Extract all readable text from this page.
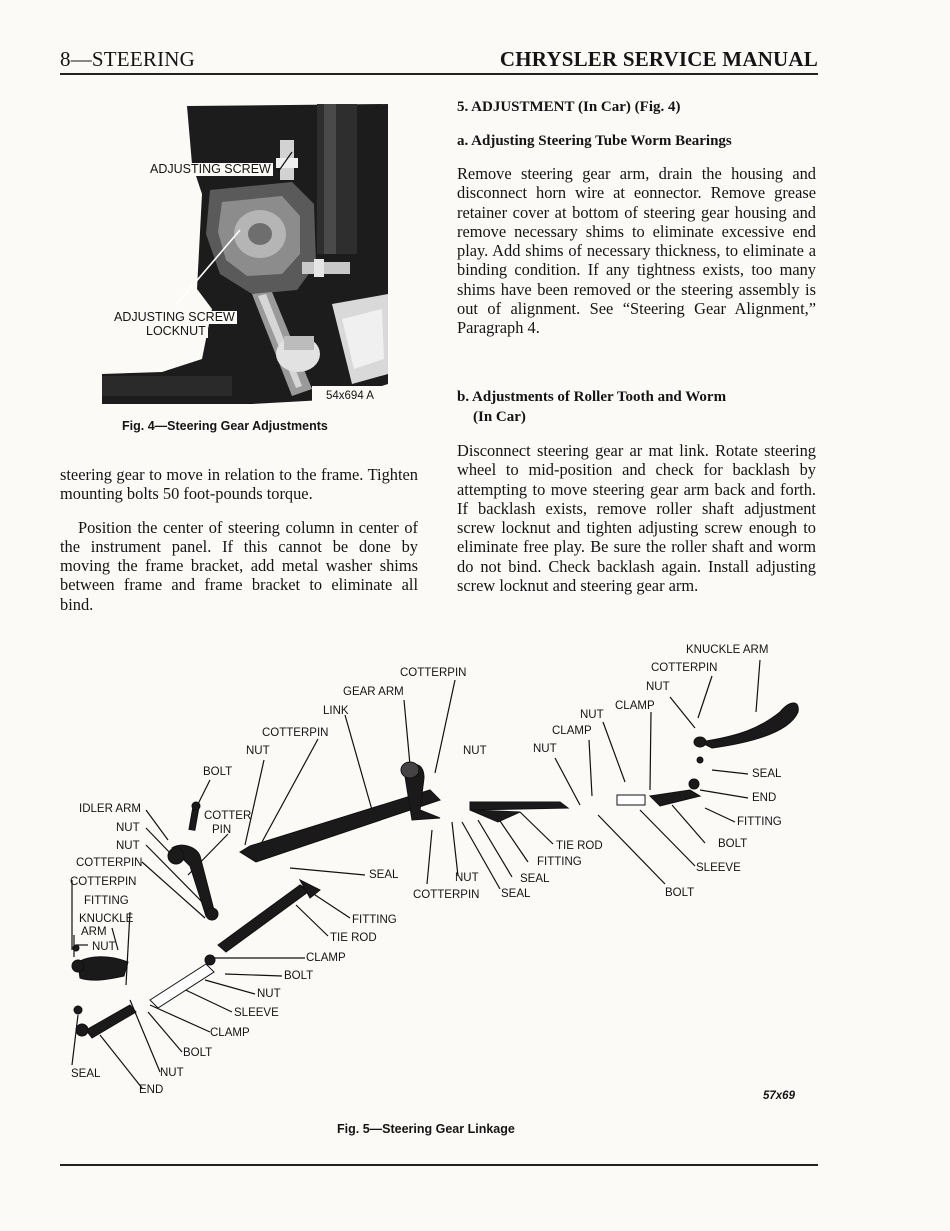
8—STEERING	CHRYSLER SERVICE MANUAL
ADJUSTING SCREW
ADJUSTING SCREW
LOCKNUT
54x694 A
Fig. 4—Steering Gear Adjustments

steering gear to move in relation to the frame. Tighten mounting bolts 50 foot-pounds torque.

Position the center of steering column in center of the instrument panel. If this cannot be done by moving the frame bracket, add metal washer shims between frame and frame bracket to eliminate all bind.

5. ADJUSTMENT (In Car) (Fig. 4)
a. Adjusting Steering Tube Worm Bearings
Remove steering gear arm, drain the housing and disconnect horn wire at eonnector. Remove grease retainer cover at bottom of steering gear housing and remove necessary shims to eliminate excessive end play. Add shims of necessary thickness, to eliminate a binding condition. If any tightness exists, too many shims have been removed or the steering assembly is out of alignment. See “Steering Gear Alignment,” Paragraph 4.
b. Adjustments of Roller Tooth and Worm
(In Car)
Disconnect steering gear ar mat link. Rotate steering wheel to mid-position and check for backlash by attempting to move steering gear arm back and forth. If backlash exists, remove roller shaft adjustment screw locknut and tighten adjusting screw enough to eliminate free play. Be sure the roller shaft and worm do not bind. Check backlash again. Install adjusting screw locknut and steering gear arm.
KNUCKLE ARM
COTTERPIN
NUT
COTTERPIN
GEAR ARM
LINK	NUT
CLAMP
CLAMP
COTTERPIN
NUT	NUT	NUT
BOLT	SEAL
END
IDLER ARM
COTTER	FITTING
NUT	PIN
NUT	TIE ROD	BOLT
FITTING
COTTERPIN	SLEEVE
SEAL	NUT	SEAL
COTTERPIN
COTTERPIN SEAL	BOLT
FITTING
FITTING
KNUCKLE
ARM	TIE ROD
NUT
CLAMP
BOLT
NUT
SLEEVE
CLAMP
BOLT
SEAL	NUT
END	57x69
Fig. 5—Steering Gear Linkage
